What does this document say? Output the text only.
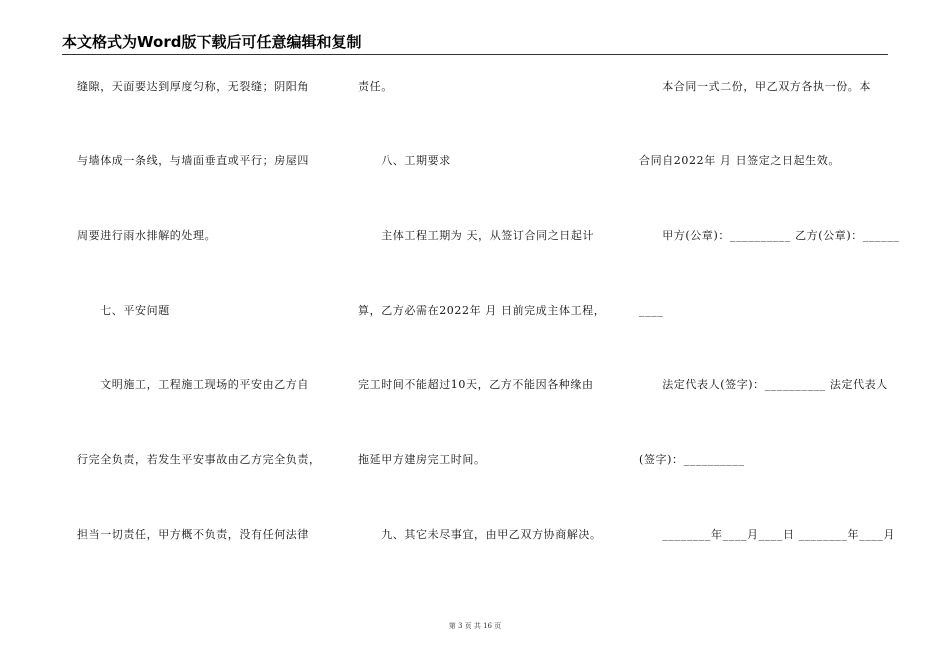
本文格式为Word版下载后可任意编辑和复制
缝隙，天面要达到厚度匀称，无裂缝；阴阳角
与墙体成一条线，与墙面垂直或平行；房屋四
周要进行雨水排解的处理。
　　七、平安问题
　　文明施工，工程施工现场的平安由乙方自
行完全负责，若发生平安事故由乙方完全负责，
担当一切责任，甲方概不负责，没有任何法律
责任。
　　八、工期要求
　　主体工程工期为 天，从签订合同之日起计
算，乙方必需在2022年 月 日前完成主体工程，
完工时间不能超过10天，乙方不能因各种缘由
拖延甲方建房完工时间。
　　九、其它未尽事宜，由甲乙双方协商解决。
　　本合同一式二份，甲乙双方各执一份。本
合同自2022年 月 日签定之日起生效。
　　甲方(公章)：__________ 乙方(公章)：______
____
　　法定代表人(签字)：__________ 法定代表人
(签字)：__________
　　________年____月____日 ________年____月
第 3 页 共 16 页
